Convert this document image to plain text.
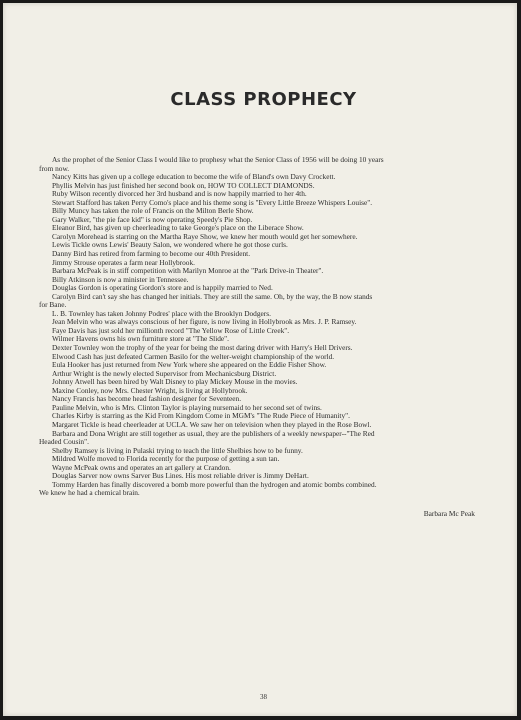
CLASS PROPHECY
As the prophet of the Senior Class I would like to prophesy what the Senior Class of 1956 will be doing 10 years
from now.
Nancy Kitts has given up a college education to become the wife of Bland's own Davy Crockett.
Phyllis Melvin has just finished her second book on, HOW TO COLLECT DIAMONDS.
Ruby Wilson recently divorced her 3rd husband and is now happily married to her 4th.
Stewart Stafford has taken Perry Como's place and his theme song is "Every Little Breeze Whispers Louise".
Billy Muncy has taken the role of Francis on the Milton Berle Show.
Gary Walker, "the pie face kid" is now operating Speedy's Pie Shop.
Eleanor Bird, has given up cheerleading to take George's place on the Liberace Show.
Carolyn Morehead is starring on the Martha Raye Show, we knew her mouth would get her somewhere.
Lewis Tickle owns Lewis' Beauty Salon, we wondered where he got those curls.
Danny Bird has retired from farming to become our 40th President.
Jimmy Strouse operates a farm near Hollybrook.
Barbara McPeak is in stiff competition with Marilyn Monroe at the "Park Drive-in Theater".
Billy Atkinson is now a minister in Tennessee.
Douglas Gordon is operating Gordon's store and is happily married to Ned.
Carolyn Bird can't say she has changed her initials. They are still the same. Oh, by the way, the B now stands
for Bane.
L. B. Townley has taken Johnny Podres' place with the Brooklyn Dodgers.
Jean Melvin who was always conscious of her figure, is now living in Hollybrook as Mrs. J. P. Ramsey.
Faye Davis has just sold her millionth record "The Yellow Rose of Little Creek".
Wilmer Havens owns his own furniture store at "The Slide".
Dexter Townley won the trophy of the year for being the most daring driver with Harry's Hell Drivers.
Elwood Cash has just defeated Carmen Basilo for the welter-weight championship of the world.
Eula Hooker has just returned from New York where she appeared on the Eddie Fisher Show.
Arthur Wright is the newly elected Supervisor from Mechanicsburg District.
Johnny Atwell has been hired by Walt Disney to play Mickey Mouse in the movies.
Maxine Conley, now Mrs. Chester Wright, is living at Hollybrook.
Nancy Francis has become head fashion designer for Seventeen.
Pauline Melvin, who is Mrs. Clinton Taylor is playing nursemaid to her second set of twins.
Charles Kirby is starring as the Kid From Kingdom Come in MGM's "The Rude Piece of Humanity".
Margaret Tickle is head cheerleader at UCLA. We saw her on television when they played in the Rose Bowl.
Barbara and Dona Wright are still together as usual, they are the publishers of a weekly newspaper--"The Red
Headed Cousin".
Shelby Ramsey is living in Pulaski trying to teach the little Shelbies how to be funny.
Mildred Wolfe moved to Florida recently for the purpose of getting a sun tan.
Wayne McPeak owns and operates an art gallery at Crandon.
Douglas Sarver now owns Sarver Bus Lines. His most reliable driver is Jimmy DeHart.
Tommy Harden has finally discovered a bomb more powerful than the hydrogen and atomic bombs combined.
We knew he had a chemical brain.
Barbara Mc Peak
38
